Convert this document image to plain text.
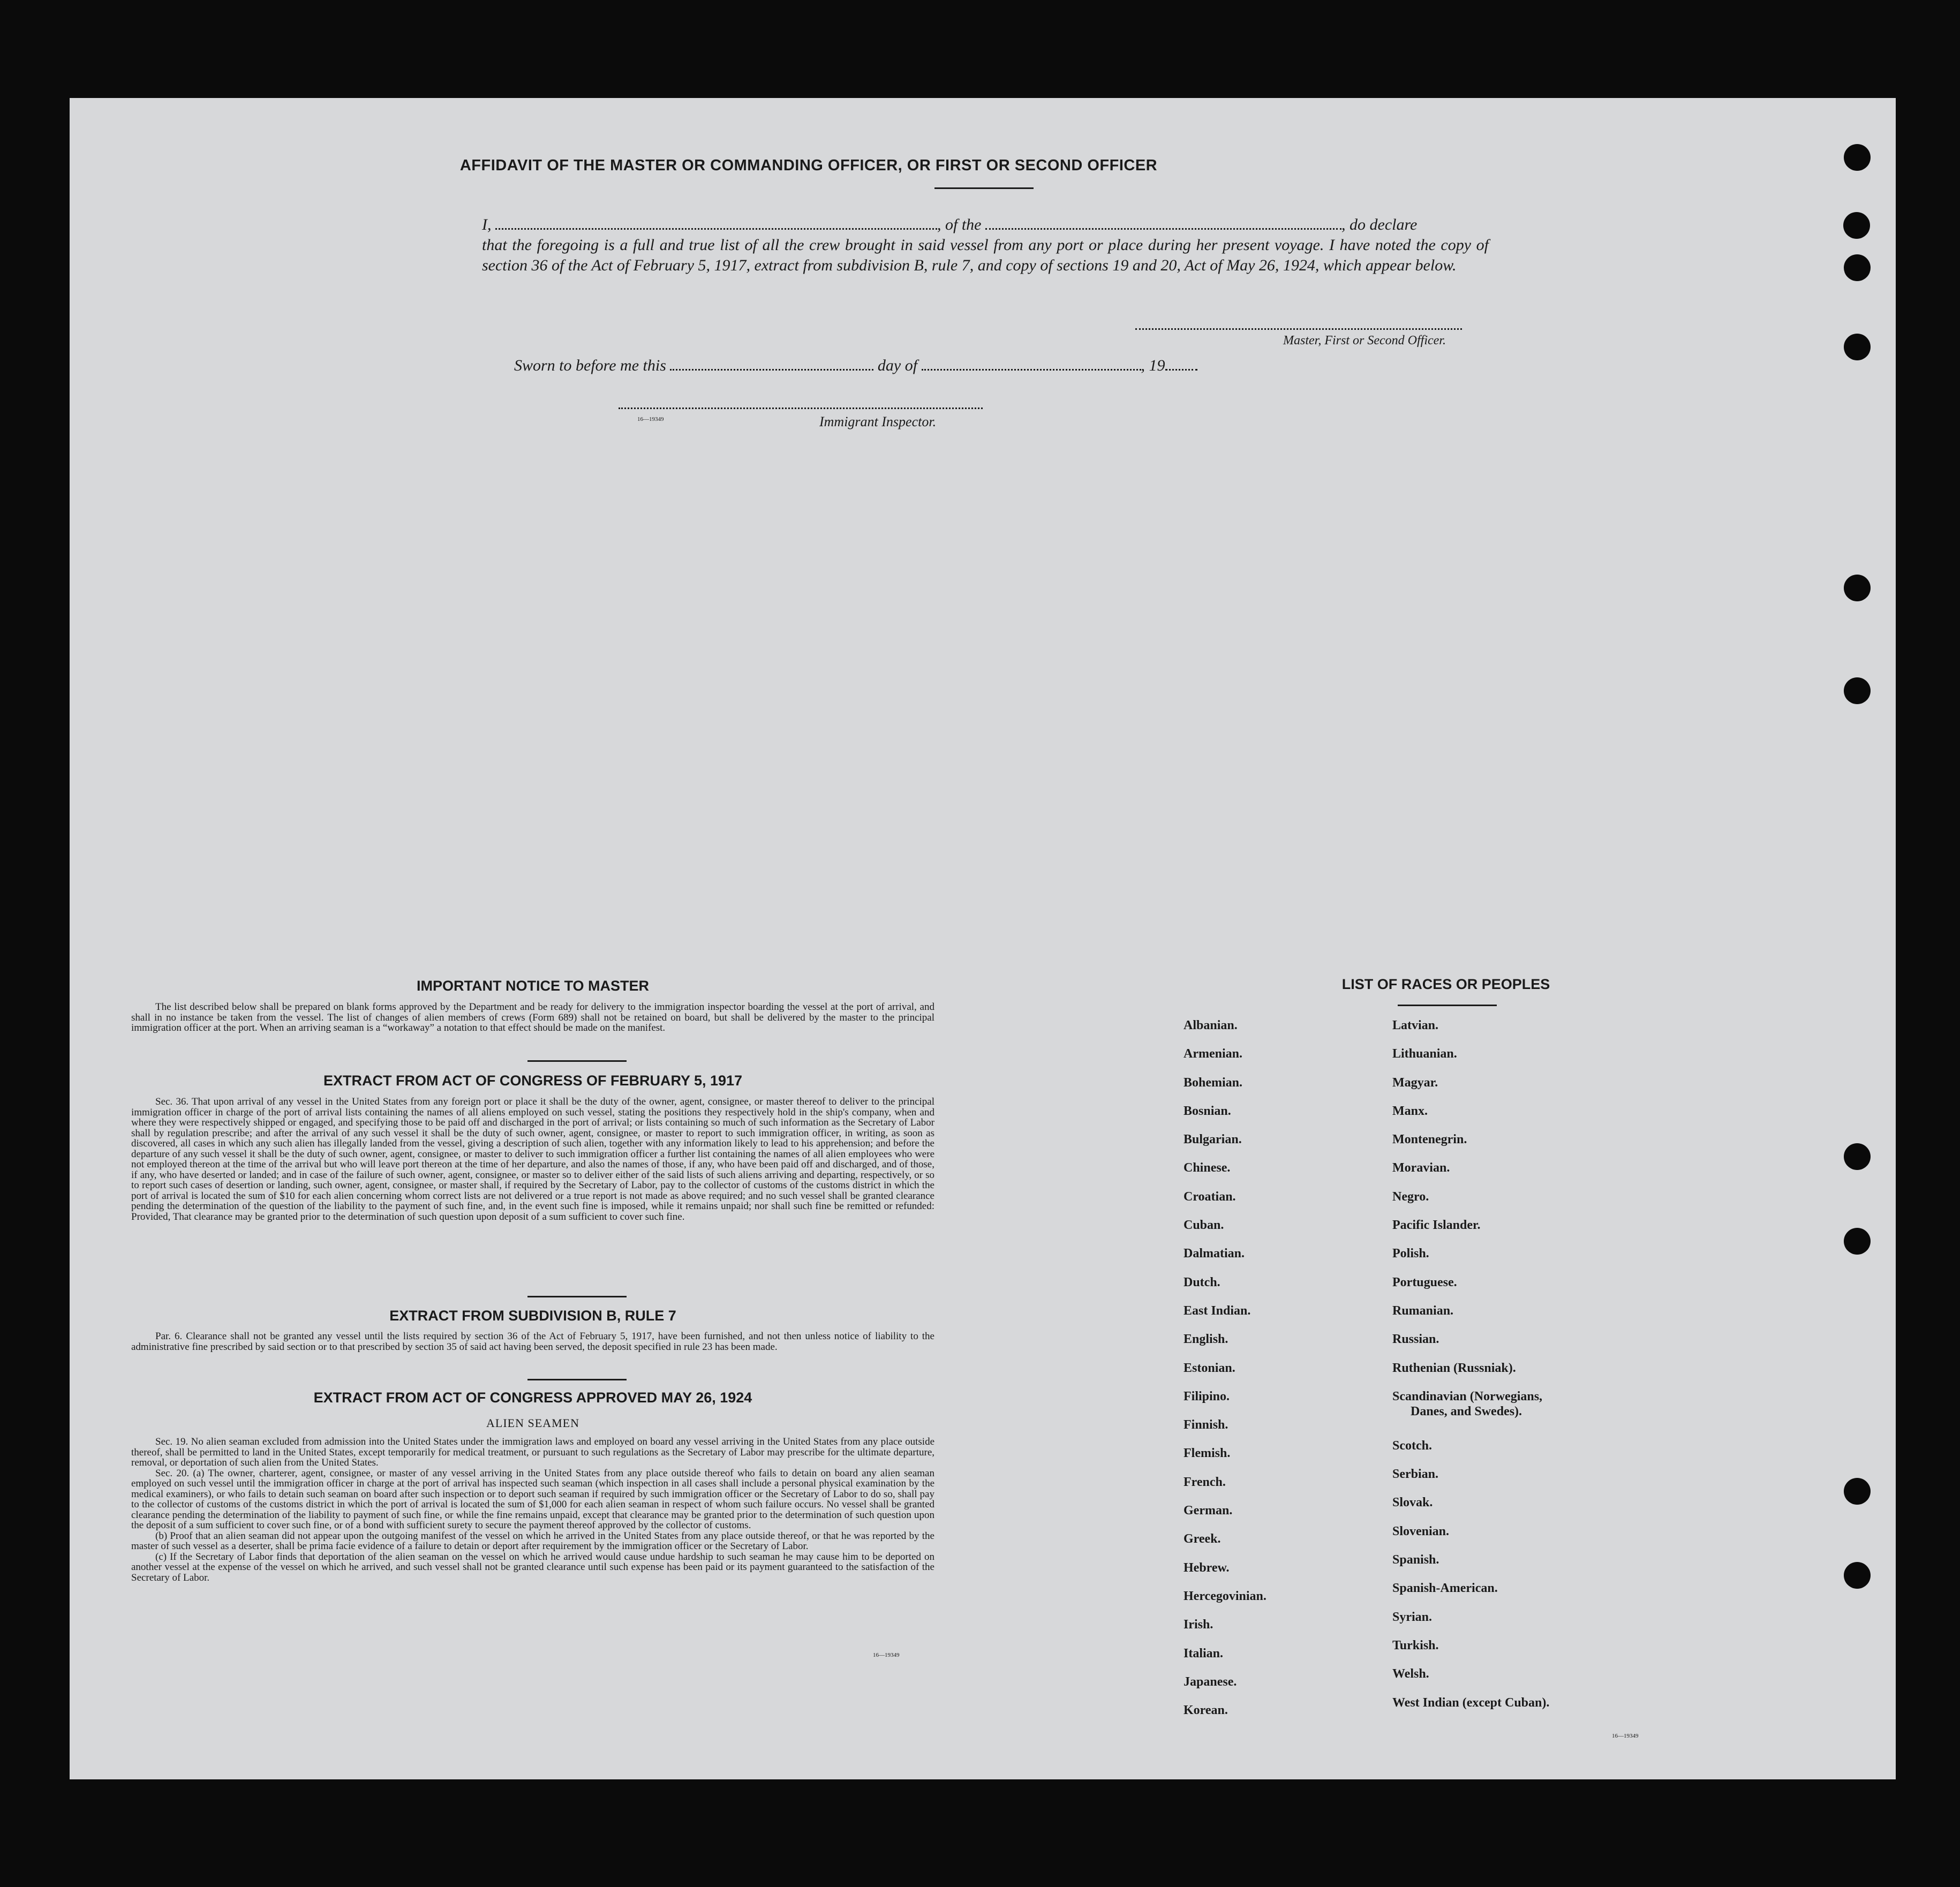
AFFIDAVIT OF THE MASTER OR COMMANDING OFFICER, OR FIRST OR SECOND OFFICER

I,	, of the	, do declare

that the foregoing is a full and true list of all the crew brought in said vessel from any port or place during her present voyage. I have noted the copy of section 36 of the Act of February 5, 1917, extract from subdivision B, rule 7, and copy of sections 19 and 20, Act of May 26, 1924, which appear below.

Master, First or Second Officer.
Sworn to before me this	day of	, 19
16—19349	Immigrant Inspector.
IMPORTANT NOTICE TO MASTER

The list described below shall be prepared on blank forms approved by the Department and be ready for delivery to the immigration inspector boarding the vessel at the port of arrival, and shall in no instance be taken from the vessel. The list of changes of alien members of crews (Form 689) shall not be retained on board, but shall be delivered by the master to the principal immigration officer at the port. When an arriving seaman is a “workaway” a notation to that effect should be made on the manifest.

EXTRACT FROM ACT OF CONGRESS OF FEBRUARY 5, 1917

Sec. 36. That upon arrival of any vessel in the United States from any foreign port or place it shall be the duty of the owner, agent, consignee, or master thereof to deliver to the principal immigration officer in charge of the port of arrival lists containing the names of all aliens employed on such vessel, stating the positions they respectively hold in the ship's company, when and where they were respectively shipped or engaged, and specifying those to be paid off and discharged in the port of arrival; or lists containing so much of such information as the Secretary of Labor shall by regulation prescribe; and after the arrival of any such vessel it shall be the duty of such owner, agent, consignee, or master to report to such immigration officer, in writing, as soon as discovered, all cases in which any such alien has illegally landed from the vessel, giving a description of such alien, together with any information likely to lead to his apprehension; and before the departure of any such vessel it shall be the duty of such owner, agent, consignee, or master to deliver to such immigration officer a further list containing the names of all alien employees who were not employed thereon at the time of the arrival but who will leave port thereon at the time of her departure, and also the names of those, if any, who have been paid off and discharged, and of those, if any, who have deserted or landed; and in case of the failure of such owner, agent, consignee, or master so to deliver either of the said lists of such aliens arriving and departing, respectively, or so to report such cases of desertion or landing, such owner, agent, consignee, or master shall, if required by the Secretary of Labor, pay to the collector of customs of the customs district in which the port of arrival is located the sum of $10 for each alien concerning whom correct lists are not delivered or a true report is not made as above required; and no such vessel shall be granted clearance pending the determination of the question of the liability to the payment of such fine, and, in the event such fine is imposed, while it remains unpaid; nor shall such fine be remitted or refunded: Provided, That clearance may be granted prior to the determination of such question upon deposit of a sum sufficient to cover such fine.

EXTRACT FROM SUBDIVISION B, RULE 7

Par. 6. Clearance shall not be granted any vessel until the lists required by section 36 of the Act of February 5, 1917, have been furnished, and not then unless notice of liability to the administrative fine prescribed by said section or to that prescribed by section 35 of said act having been served, the deposit specified in rule 23 has been made.

EXTRACT FROM ACT OF CONGRESS APPROVED MAY 26, 1924
ALIEN SEAMEN

Sec. 19. No alien seaman excluded from admission into the United States under the immigration laws and employed on board any vessel arriving in the United States from any place outside thereof, shall be permitted to land in the United States, except temporarily for medical treatment, or pursuant to such regulations as the Secretary of Labor may prescribe for the ultimate departure, removal, or deportation of such alien from the United States.

Sec. 20. (a) The owner, charterer, agent, consignee, or master of any vessel arriving in the United States from any place outside thereof who fails to detain on board any alien seaman employed on such vessel until the immigration officer in charge at the port of arrival has inspected such seaman (which inspection in all cases shall include a personal physical examination by the medical examiners), or who fails to detain such seaman on board after such inspection or to deport such seaman if required by such immigration officer or the Secretary of Labor to do so, shall pay to the collector of customs of the customs district in which the port of arrival is located the sum of $1,000 for each alien seaman in respect of whom such failure occurs. No vessel shall be granted clearance pending the determination of the liability to payment of such fine, or while the fine remains unpaid, except that clearance may be granted prior to the determination of such question upon the deposit of a sum sufficient to cover such fine, or of a bond with sufficient surety to secure the payment thereof approved by the collector of customs.

(b) Proof that an alien seaman did not appear upon the outgoing manifest of the vessel on which he arrived in the United States from any place outside thereof, or that he was reported by the master of such vessel as a deserter, shall be prima facie evidence of a failure to detain or deport after requirement by the immigration officer or the Secretary of Labor.

(c) If the Secretary of Labor finds that deportation of the alien seaman on the vessel on which he arrived would cause undue hardship to such seaman he may cause him to be deported on another vessel at the expense of the vessel on which he arrived, and such vessel shall not be granted clearance until such expense has been paid or its payment guaranteed to the satisfaction of the Secretary of Labor.

16—19349
LIST OF RACES OR PEOPLES
Albanian.
Armenian.
Bohemian.
Bosnian.
Bulgarian.
Chinese.
Croatian.
Cuban.
Dalmatian.
Dutch.
East Indian.
English.
Estonian.
Filipino.
Finnish.
Flemish.
French.
German.
Greek.
Hebrew.
Hercegovinian.
Irish.
Italian.
Japanese.
Korean.
Latvian.
Lithuanian.
Magyar.
Manx.
Montenegrin.
Moravian.
Negro.
Pacific Islander.
Polish.
Portuguese.
Rumanian.
Russian.
Ruthenian (Russniak).
Scandinavian (Norwegians,
Danes, and Swedes).
Scotch.
Serbian.
Slovak.
Slovenian.
Spanish.
Spanish-American.
Syrian.
Turkish.
Welsh.
West Indian (except Cuban).
16—19349
